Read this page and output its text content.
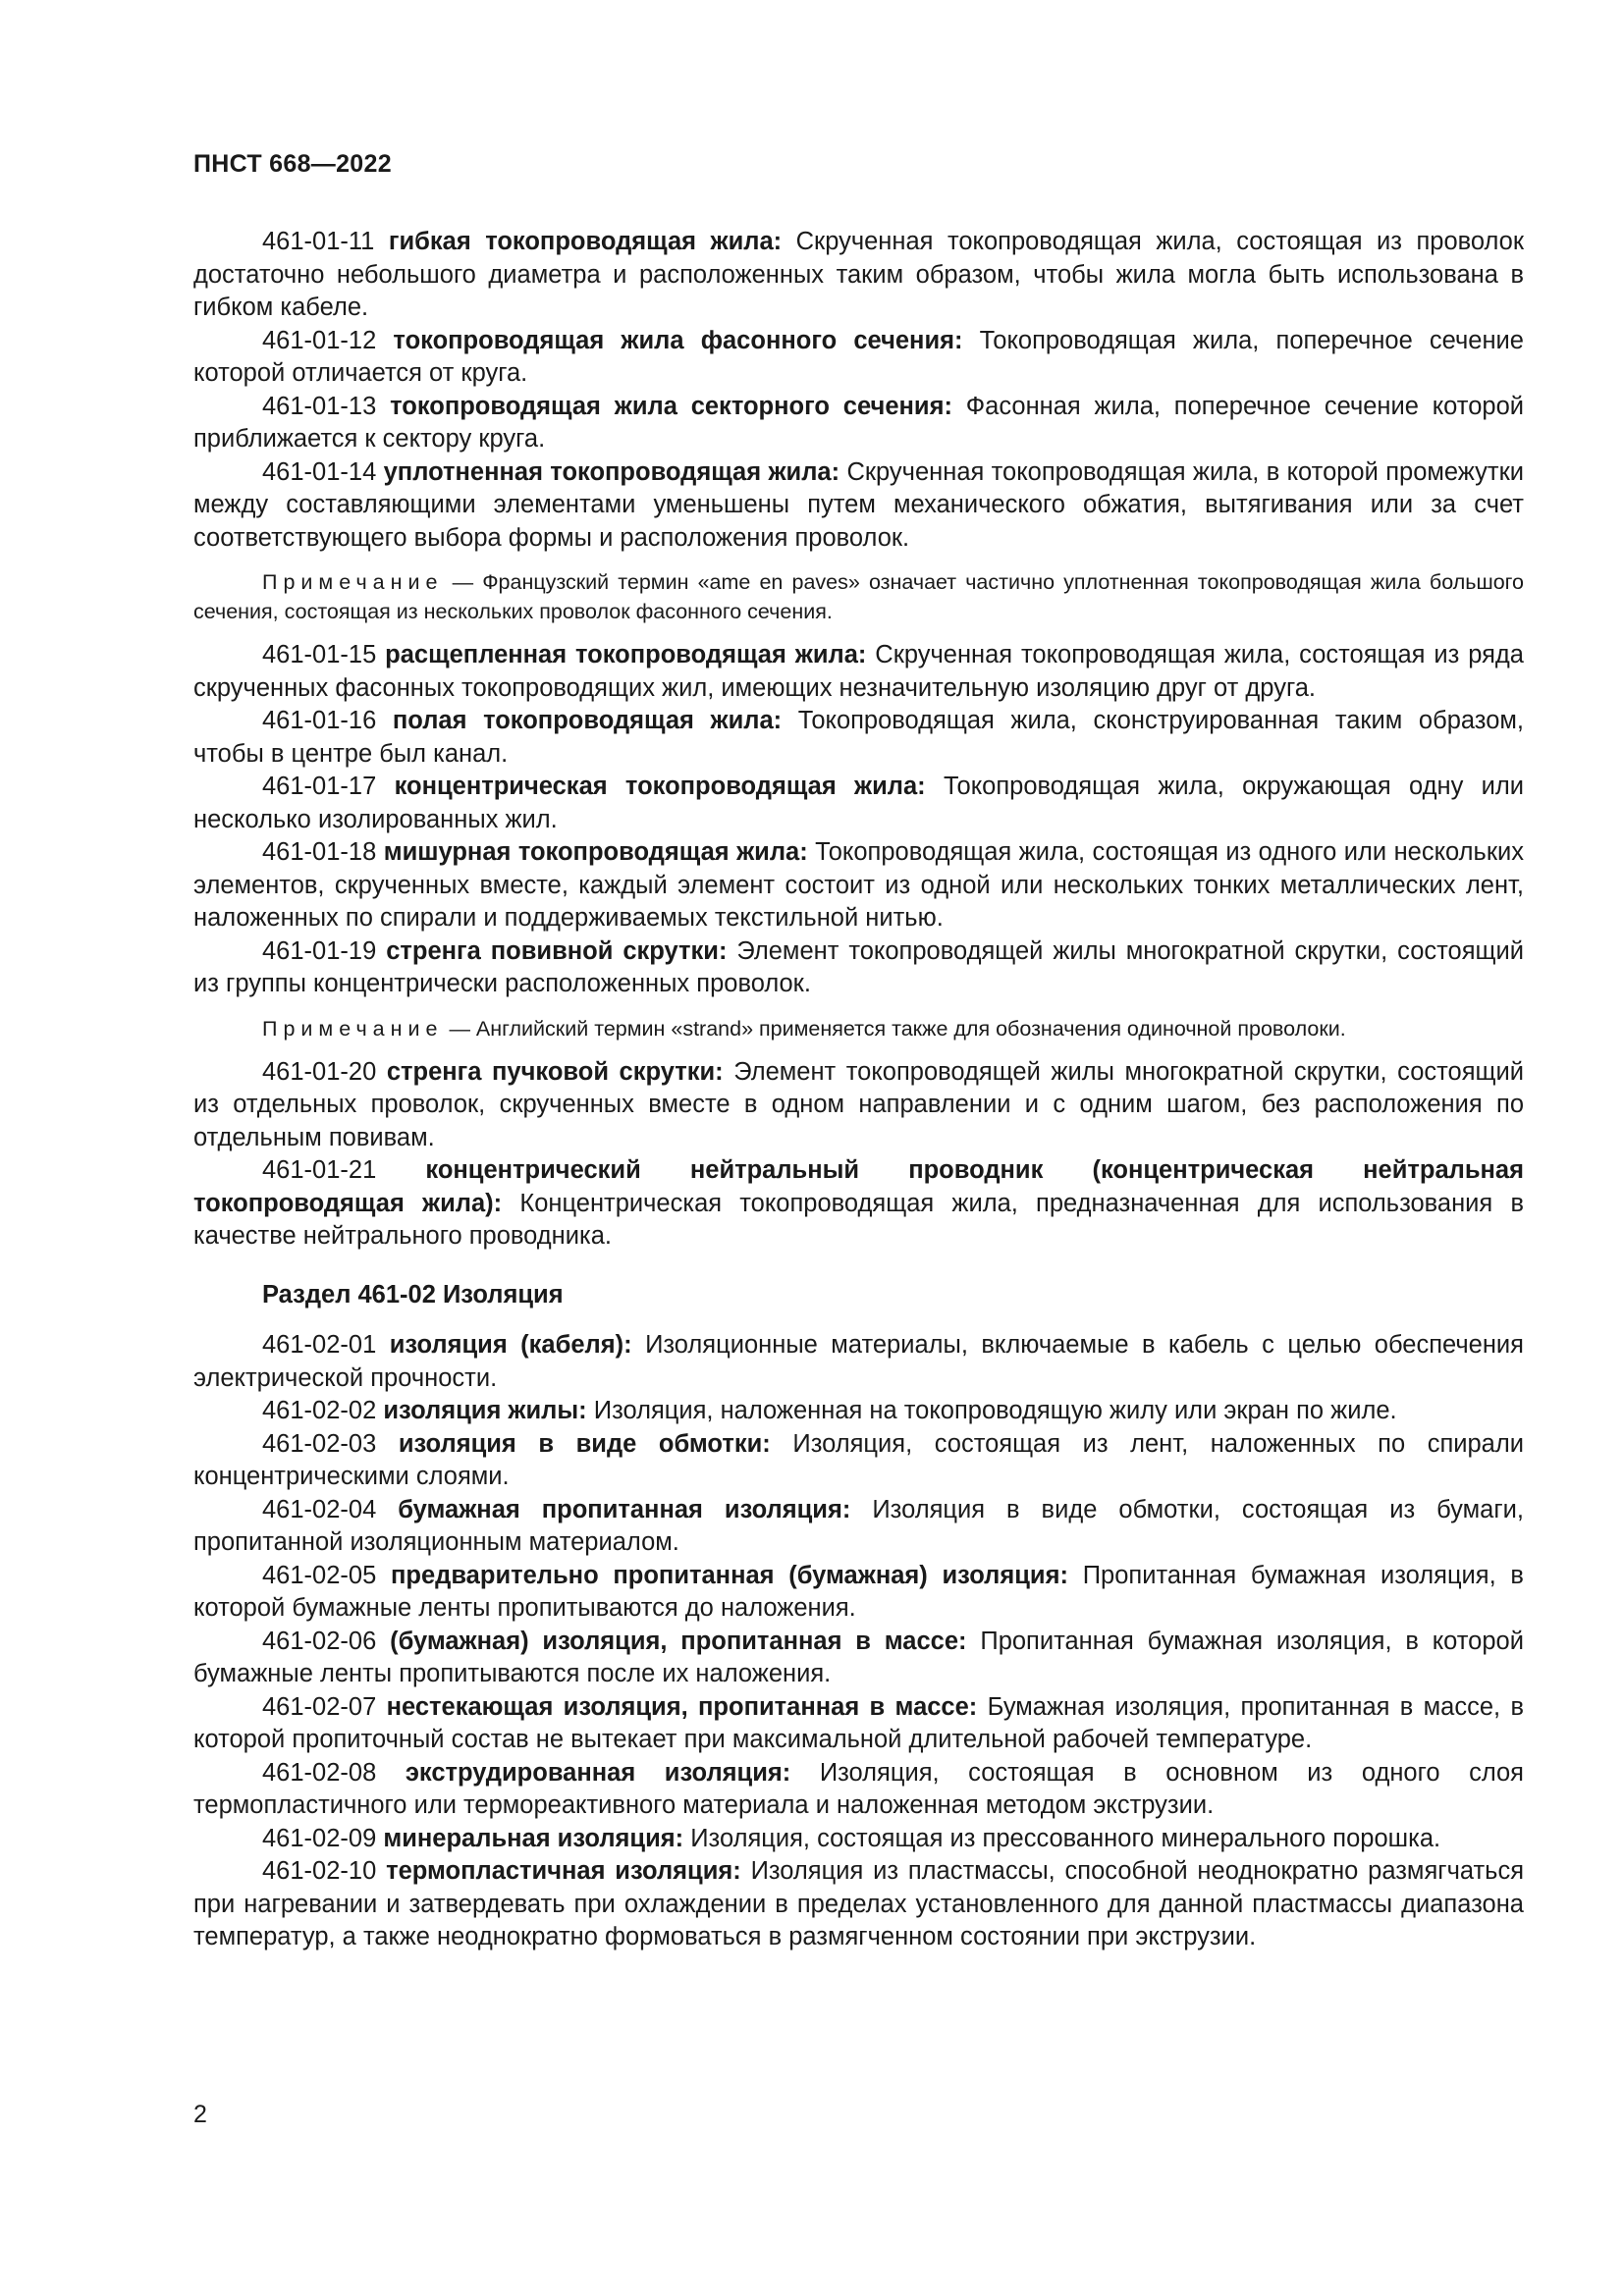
ПНСТ 668—2022

461-01-11 гибкая токопроводящая жила: Скрученная токопроводящая жила, состоящая из проволок достаточно небольшого диаметра и расположенных таким образом, чтобы жила могла быть использована в гибком кабеле.

461-01-12 токопроводящая жила фасонного сечения: Токопроводящая жила, поперечное сечение которой отличается от круга.

461-01-13 токопроводящая жила секторного сечения: Фасонная жила, поперечное сечение которой приближается к сектору круга.

461-01-14 уплотненная токопроводящая жила: Скрученная токопроводящая жила, в которой промежутки между составляющими элементами уменьшены путем механического обжатия, вытягивания или за счет соответствующего выбора формы и расположения проволок.

Примечание — Французский термин «ame en paves» означает частично уплотненная токопроводящая жила большого сечения, состоящая из нескольких проволок фасонного сечения.

461-01-15 расщепленная токопроводящая жила: Скрученная токопроводящая жила, состоящая из ряда скрученных фасонных токопроводящих жил, имеющих незначительную изоляцию друг от друга.

461-01-16 полая токопроводящая жила: Токопроводящая жила, сконструированная таким образом, чтобы в центре был канал.

461-01-17 концентрическая токопроводящая жила: Токопроводящая жила, окружающая одну или несколько изолированных жил.

461-01-18 мишурная токопроводящая жила: Токопроводящая жила, состоящая из одного или нескольких элементов, скрученных вместе, каждый элемент состоит из одной или нескольких тонких металлических лент, наложенных по спирали и поддерживаемых текстильной нитью.

461-01-19 стренга повивной скрутки: Элемент токопроводящей жилы многократной скрутки, состоящий из группы концентрически расположенных проволок.

Примечание — Английский термин «strand» применяется также для обозначения одиночной проволоки.

461-01-20 стренга пучковой скрутки: Элемент токопроводящей жилы многократной скрутки, состоящий из отдельных проволок, скрученных вместе в одном направлении и с одним шагом, без расположения по отдельным повивам.

461-01-21 концентрический нейтральный проводник (концентрическая нейтральная токопроводящая жила): Концентрическая токопроводящая жила, предназначенная для использования в качестве нейтрального проводника.

Раздел 461-02 Изоляция

461-02-01 изоляция (кабеля): Изоляционные материалы, включаемые в кабель с целью обеспечения электрической прочности.

461-02-02 изоляция жилы: Изоляция, наложенная на токопроводящую жилу или экран по жиле.

461-02-03 изоляция в виде обмотки: Изоляция, состоящая из лент, наложенных по спирали концентрическими слоями.

461-02-04 бумажная пропитанная изоляция: Изоляция в виде обмотки, состоящая из бумаги, пропитанной изоляционным материалом.

461-02-05 предварительно пропитанная (бумажная) изоляция: Пропитанная бумажная изоляция, в которой бумажные ленты пропитываются до наложения.

461-02-06 (бумажная) изоляция, пропитанная в массе: Пропитанная бумажная изоляция, в которой бумажные ленты пропитываются после их наложения.

461-02-07 нестекающая изоляция, пропитанная в массе: Бумажная изоляция, пропитанная в массе, в которой пропиточный состав не вытекает при максимальной длительной рабочей температуре.

461-02-08 экструдированная изоляция: Изоляция, состоящая в основном из одного слоя термопластичного или термореактивного материала и наложенная методом экструзии.

461-02-09 минеральная изоляция: Изоляция, состоящая из прессованного минерального порошка.

461-02-10 термопластичная изоляция: Изоляция из пластмассы, способной неоднократно размягчаться при нагревании и затвердевать при охлаждении в пределах установленного для данной пластмассы диапазона температур, а также неоднократно формоваться в размягченном состоянии при экструзии.

2
